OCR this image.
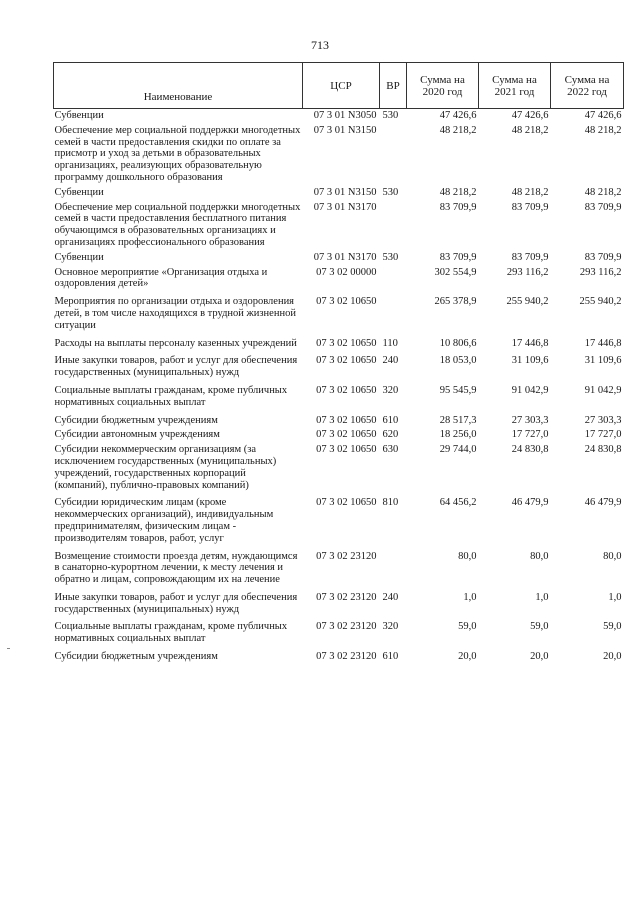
713
Наименование	ЦСР	ВР	Сумма на 2020 год	Сумма на 2021 год	Сумма на 2022 год
Субвенции	07 3 01 N3050	530	47 426,6	47 426,6	47 426,6
Обеспечение мер социальной поддержки многодетных семей в части предоставления скидки по оплате за присмотр и уход за детьми в образовательных организациях, реализующих образовательную программу дошкольного образования	07 3 01 N3150		48 218,2	48 218,2	48 218,2
Субвенции	07 3 01 N3150	530	48 218,2	48 218,2	48 218,2
Обеспечение мер социальной поддержки многодетных семей в части предоставления бесплатного питания обучающимся в образовательных организациях и организациях профессионального образования	07 3 01 N3170		83 709,9	83 709,9	83 709,9
Субвенции	07 3 01 N3170	530	83 709,9	83 709,9	83 709,9
Основное мероприятие «Организация отдыха и оздоровления детей»	07 3 02 00000		302 554,9	293 116,2	293 116,2
Мероприятия по организации отдыха и оздоровления детей, в том числе находящихся в трудной жизненной ситуации	07 3 02 10650		265 378,9	255 940,2	255 940,2
Расходы на выплаты персоналу казенных учреждений	07 3 02 10650	110	10 806,6	17 446,8	17 446,8
Иные закупки товаров, работ и услуг для обеспечения государственных (муниципальных) нужд	07 3 02 10650	240	18 053,0	31 109,6	31 109,6
Социальные выплаты гражданам, кроме публичных нормативных социальных выплат	07 3 02 10650	320	95 545,9	91 042,9	91 042,9
Субсидии бюджетным учреждениям	07 3 02 10650	610	28 517,3	27 303,3	27 303,3
Субсидии автономным учреждениям	07 3 02 10650	620	18 256,0	17 727,0	17 727,0
Субсидии некоммерческим организациям (за исключением государственных (муниципальных) учреждений, государственных корпораций (компаний), публично-правовых компаний)	07 3 02 10650	630	29 744,0	24 830,8	24 830,8
Субсидии юридическим лицам (кроме некоммерческих организаций), индивидуальным предпринимателям, физическим лицам - производителям товаров, работ, услуг	07 3 02 10650	810	64 456,2	46 479,9	46 479,9
Возмещение стоимости проезда детям, нуждающимся в санаторно-курортном лечении, к месту лечения и обратно и лицам, сопровождающим их на лечение	07 3 02 23120		80,0	80,0	80,0
Иные закупки товаров, работ и услуг для обеспечения государственных (муниципальных) нужд	07 3 02 23120	240	1,0	1,0	1,0
Социальные выплаты гражданам, кроме публичных нормативных социальных выплат	07 3 02 23120	320	59,0	59,0	59,0
Субсидии бюджетным учреждениям	07 3 02 23120	610	20,0	20,0	20,0
